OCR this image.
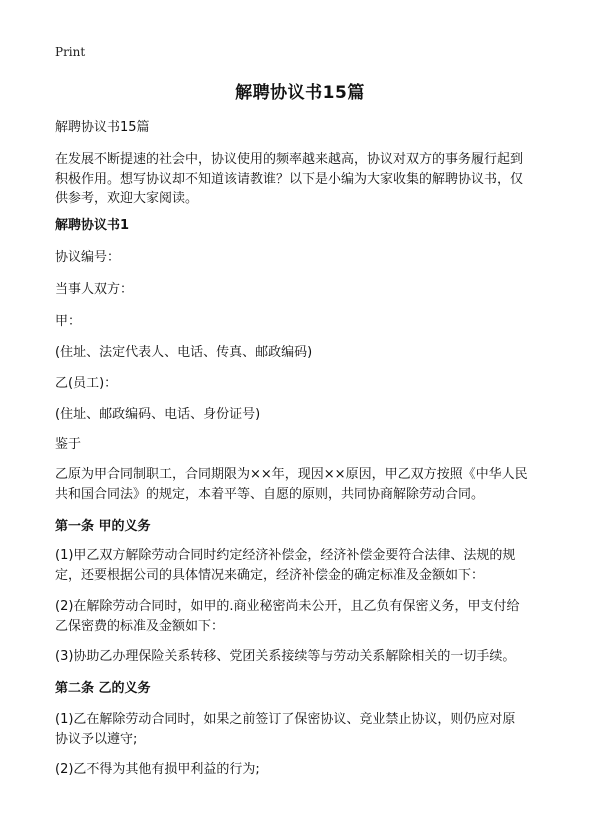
Print
解聘协议书15篇
解聘协议书15篇
在发展不断提速的社会中，协议使用的频率越来越高，协议对双方的事务履行起到
积极作用。想写协议却不知道该请教谁？以下是小编为大家收集的解聘协议书，仅
供参考，欢迎大家阅读。
解聘协议书1
协议编号：
当事人双方：
甲：
(住址、法定代表人、电话、传真、邮政编码)
乙(员工)：
(住址、邮政编码、电话、身份证号)
鉴于
乙原为甲合同制职工，合同期限为××年，现因××原因，甲乙双方按照《中华人民
共和国合同法》的规定，本着平等、自愿的原则，共同协商解除劳动合同。
第一条 甲的义务
(1)甲乙双方解除劳动合同时约定经济补偿金，经济补偿金要符合法律、法规的规
定，还要根据公司的具体情况来确定，经济补偿金的确定标准及金额如下：
(2)在解除劳动合同时，如甲的.商业秘密尚未公开，且乙负有保密义务，甲支付给
乙保密费的标准及金额如下：
(3)协助乙办理保险关系转移、党团关系接续等与劳动关系解除相关的一切手续。
第二条 乙的义务
(1)乙在解除劳动合同时，如果之前签订了保密协议、竞业禁止协议，则仍应对原
协议予以遵守;
(2)乙不得为其他有损甲利益的行为;
